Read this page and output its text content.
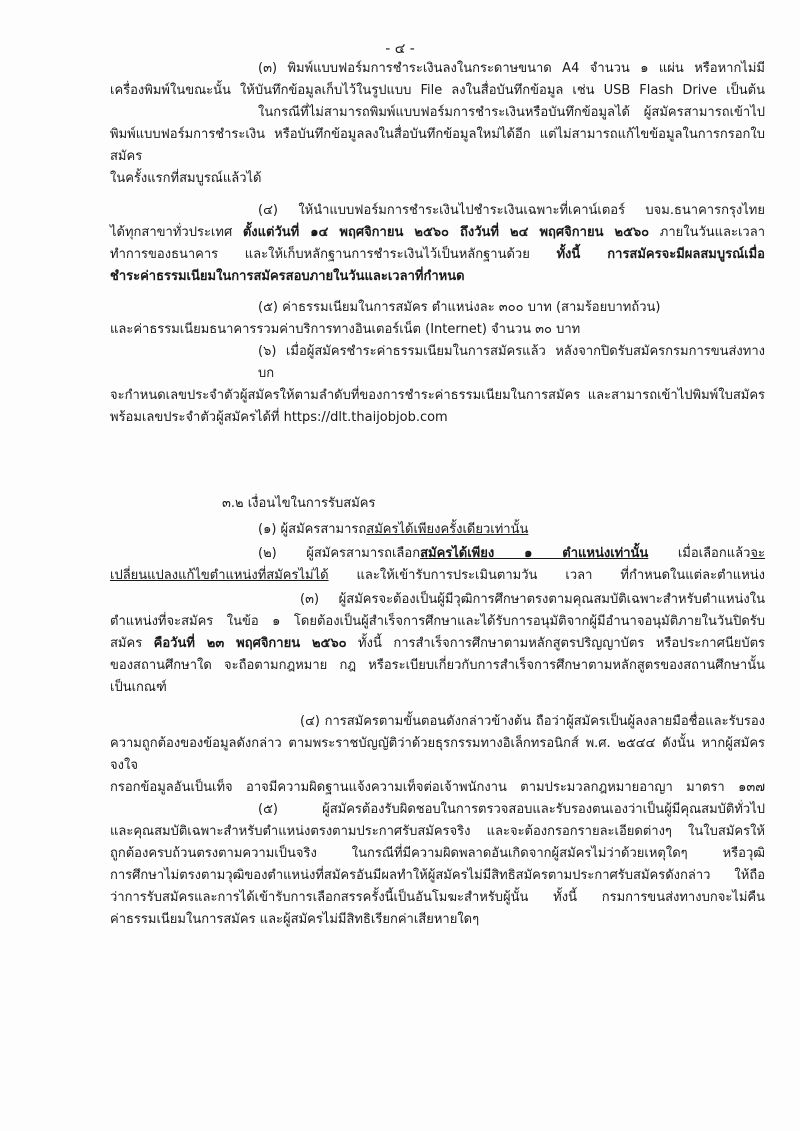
- ๔ -
(๓) พิมพ์แบบฟอร์มการชำระเงินลงในกระดาษขนาด A4 จำนวน ๑ แผ่น หรือหากไม่มี
เครื่องพิมพ์ในขณะนั้น ให้บันทึกข้อมูลเก็บไว้ในรูปแบบ File ลงในสื่อบันทึกข้อมูล เช่น USB Flash Drive เป็นต้น
ในกรณีที่ไม่สามารถพิมพ์แบบฟอร์มการชำระเงินหรือบันทึกข้อมูลได้ ผู้สมัครสามารถเข้าไป
พิมพ์แบบฟอร์มการชำระเงิน หรือบันทึกข้อมูลลงในสื่อบันทึกข้อมูลใหม่ได้อีก แต่ไม่สามารถแก้ไขข้อมูลในการกรอกใบสมัคร
ในครั้งแรกที่สมบูรณ์แล้วได้
(๔) ให้นำแบบฟอร์มการชำระเงินไปชำระเงินเฉพาะที่เคาน์เตอร์ บจม.ธนาคารกรุงไทย
ได้ทุกสาขาทั่วประเทศ ตั้งแต่วันที่ ๑๔ พฤศจิกายน ๒๕๖๐ ถึงวันที่ ๒๔ พฤศจิกายน ๒๕๖๐ ภายในวันและเวลา
ทำการของธนาคาร และให้เก็บหลักฐานการชำระเงินไว้เป็นหลักฐานด้วย ทั้งนี้ การสมัครจะมีผลสมบูรณ์เมื่อ
ชำระค่าธรรมเนียมในการสมัครสอบภายในวันและเวลาที่กำหนด
(๕) ค่าธรรมเนียมในการสมัคร ตำแหน่งละ ๓๐๐ บาท (สามร้อยบาทถ้วน)
และค่าธรรมเนียมธนาคารรวมค่าบริการทางอินเตอร์เน็ต (Internet) จำนวน ๓๐ บาท
(๖) เมื่อผู้สมัครชำระค่าธรรมเนียมในการสมัครแล้ว หลังจากปิดรับสมัครกรมการขนส่งทางบก
จะกำหนดเลขประจำตัวผู้สมัครให้ตามลำดับที่ของการชำระค่าธรรมเนียมในการสมัคร และสามารถเข้าไปพิมพ์ใบสมัคร
พร้อมเลขประจำตัวผู้สมัครได้ที่ https://dlt.thaijobjob.com
๓.๒ เงื่อนไขในการรับสมัคร
(๑) ผู้สมัครสามารถสมัครได้เพียงครั้งเดียวเท่านั้น
(๒) ผู้สมัครสามารถเลือกสมัครได้เพียง ๑ ตำแหน่งเท่านั้น เมื่อเลือกแล้วจะ
เปลี่ยนแปลงแก้ไขตำแหน่งที่สมัครไม่ได้ และให้เข้ารับการประเมินตามวัน เวลา ที่กำหนดในแต่ละตำแหน่ง
(๓) ผู้สมัครจะต้องเป็นผู้มีวุฒิการศึกษาตรงตามคุณสมบัติเฉพาะสำหรับตำแหน่งใน
ตำแหน่งที่จะสมัคร ในข้อ ๑ โดยต้องเป็นผู้สำเร็จการศึกษาและได้รับการอนุมัติจากผู้มีอำนาจอนุมัติภายในวันปิดรับ
สมัคร คือวันที่ ๒๓ พฤศจิกายน ๒๕๖๐ ทั้งนี้ การสำเร็จการศึกษาตามหลักสูตรปริญญาบัตร หรือประกาศนียบัตร
ของสถานศึกษาใด จะถือตามกฎหมาย กฎ หรือระเบียบเกี่ยวกับการสำเร็จการศึกษาตามหลักสูตรของสถานศึกษานั้น
เป็นเกณฑ์
(๔) การสมัครตามขั้นตอนดังกล่าวข้างต้น ถือว่าผู้สมัครเป็นผู้ลงลายมือชื่อและรับรอง
ความถูกต้องของข้อมูลดังกล่าว ตามพระราชบัญญัติว่าด้วยธุรกรรมทางอิเล็กทรอนิกส์ พ.ศ. ๒๕๔๔ ดังนั้น หากผู้สมัครจงใจ
กรอกข้อมูลอันเป็นเท็จ อาจมีความผิดฐานแจ้งความเท็จต่อเจ้าพนักงาน ตามประมวลกฎหมายอาญา มาตรา ๑๓๗
(๕) ผู้สมัครต้องรับผิดชอบในการตรวจสอบและรับรองตนเองว่าเป็นผู้มีคุณสมบัติทั่วไป
และคุณสมบัติเฉพาะสำหรับตำแหน่งตรงตามประกาศรับสมัครจริง และจะต้องกรอกรายละเอียดต่างๆ ในใบสมัครให้
ถูกต้องครบถ้วนตรงตามความเป็นจริง ในกรณีที่มีความผิดพลาดอันเกิดจากผู้สมัครไม่ว่าด้วยเหตุใดๆ หรือวุฒิ
การศึกษาไม่ตรงตามวุฒิของตำแหน่งที่สมัครอันมีผลทำให้ผู้สมัครไม่มีสิทธิสมัครตามประกาศรับสมัครดังกล่าว ให้ถือ
ว่าการรับสมัครและการได้เข้ารับการเลือกสรรครั้งนี้เป็นอันโมฆะสำหรับผู้นั้น ทั้งนี้ กรมการขนส่งทางบกจะไม่คืน
ค่าธรรมเนียมในการสมัคร และผู้สมัครไม่มีสิทธิเรียกค่าเสียหายใดๆ
